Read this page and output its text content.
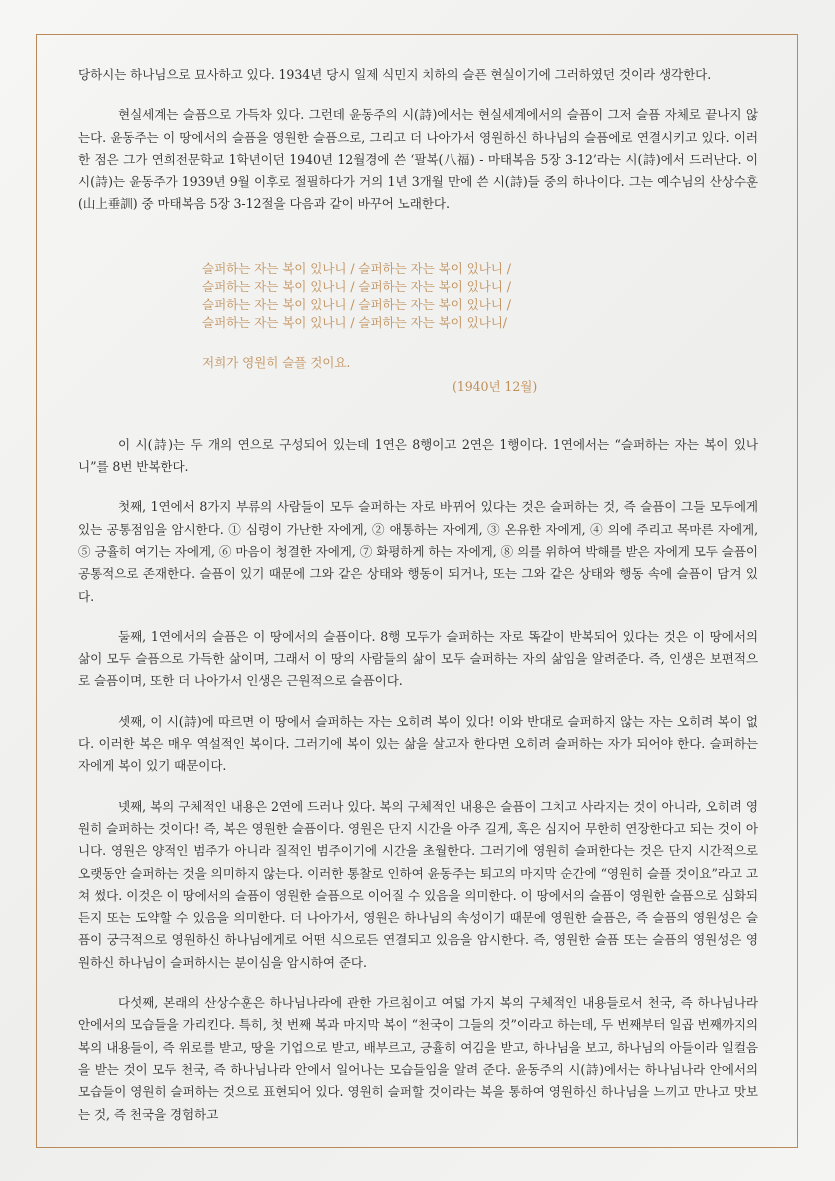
당하시는 하나님으로 묘사하고 있다. 1934년 당시 일제 식민지 치하의 슬픈 현실이기에 그러하였던 것이라 생각한다.

현실세계는 슬픔으로 가득차 있다. 그런데 윤동주의 시(詩)에서는 현실세계에서의 슬픔이 그저 슬픔 자체로 끝나지 않는다. 윤동주는 이 땅에서의 슬픔을 영원한 슬픔으로, 그리고 더 나아가서 영원하신 하나님의 슬픔에로 연결시키고 있다. 이러한 점은 그가 연희전문학교 1학년이던 1940년 12월경에 쓴 ‘팔복(八福) - 마태복음 5장 3-12’라는 시(詩)에서 드러난다. 이 시(詩)는 윤동주가 1939년 9월 이후로 절필하다가 거의 1년 3개월 만에 쓴 시(詩)들 중의 하나이다. 그는 예수님의 산상수훈(山上垂訓) 중 마태복음 5장 3-12절을 다음과 같이 바꾸어 노래한다.

슬퍼하는 자는 복이 있나니 / 슬퍼하는 자는 복이 있나니 /
슬퍼하는 자는 복이 있나니 / 슬퍼하는 자는 복이 있나니 /
슬퍼하는 자는 복이 있나니 / 슬퍼하는 자는 복이 있나니 /
슬퍼하는 자는 복이 있나니 / 슬퍼하는 자는 복이 있나니/
저희가 영원히 슬플 것이요.
(1940년 12월)

이 시(詩)는 두 개의 연으로 구성되어 있는데 1연은 8행이고 2연은 1행이다. 1연에서는 “슬퍼하는 자는 복이 있나니”를 8번 반복한다.

첫째, 1연에서 8가지 부류의 사람들이 모두 슬퍼하는 자로 바뀌어 있다는 것은 슬퍼하는 것, 즉 슬픔이 그들 모두에게 있는 공통점임을 암시한다. ① 심령이 가난한 자에게, ② 애통하는 자에게, ③ 온유한 자에게, ④ 의에 주리고 목마른 자에게, ⑤ 긍휼히 여기는 자에게, ⑥ 마음이 청결한 자에게, ⑦ 화평하게 하는 자에게, ⑧ 의를 위하여 박해를 받은 자에게 모두 슬픔이 공통적으로 존재한다. 슬픔이 있기 때문에 그와 같은 상태와 행동이 되거나, 또는 그와 같은 상태와 행동 속에 슬픔이 담겨 있다.

둘째, 1연에서의 슬픔은 이 땅에서의 슬픔이다. 8행 모두가 슬퍼하는 자로 똑같이 반복되어 있다는 것은 이 땅에서의 삶이 모두 슬픔으로 가득한 삶이며, 그래서 이 땅의 사람들의 삶이 모두 슬퍼하는 자의 삶임을 알려준다. 즉, 인생은 보편적으로 슬픔이며, 또한 더 나아가서 인생은 근원적으로 슬픔이다.

셋째, 이 시(詩)에 따르면 이 땅에서 슬퍼하는 자는 오히려 복이 있다! 이와 반대로 슬퍼하지 않는 자는 오히려 복이 없다. 이러한 복은 매우 역설적인 복이다. 그러기에 복이 있는 삶을 살고자 한다면 오히려 슬퍼하는 자가 되어야 한다. 슬퍼하는 자에게 복이 있기 때문이다.

넷째, 복의 구체적인 내용은 2연에 드러나 있다. 복의 구체적인 내용은 슬픔이 그치고 사라지는 것이 아니라, 오히려 영원히 슬퍼하는 것이다! 즉, 복은 영원한 슬픔이다. 영원은 단지 시간을 아주 길게, 혹은 심지어 무한히 연장한다고 되는 것이 아니다. 영원은 양적인 범주가 아니라 질적인 범주이기에 시간을 초월한다. 그러기에 영원히 슬퍼한다는 것은 단지 시간적으로 오랫동안 슬퍼하는 것을 의미하지 않는다. 이러한 통찰로 인하여 윤동주는 퇴고의 마지막 순간에 “영원히 슬플 것이요”라고 고쳐 썼다. 이것은 이 땅에서의 슬픔이 영원한 슬픔으로 이어질 수 있음을 의미한다. 이 땅에서의 슬픔이 영원한 슬픔으로 심화되든지 또는 도약할 수 있음을 의미한다. 더 나아가서, 영원은 하나님의 속성이기 때문에 영원한 슬픔은, 즉 슬픔의 영원성은 슬픔이 궁극적으로 영원하신 하나님에게로 어떤 식으로든 연결되고 있음을 암시한다. 즉, 영원한 슬픔 또는 슬픔의 영원성은 영원하신 하나님이 슬퍼하시는 분이심을 암시하여 준다.

다섯째, 본래의 산상수훈은 하나님나라에 관한 가르침이고 여덟 가지 복의 구체적인 내용들로서 천국, 즉 하나님나라 안에서의 모습들을 가리킨다. 특히, 첫 번째 복과 마지막 복이 “천국이 그들의 것”이라고 하는데, 두 번째부터 일곱 번째까지의 복의 내용들이, 즉 위로를 받고, 땅을 기업으로 받고, 배부르고, 긍휼히 여김을 받고, 하나님을 보고, 하나님의 아들이라 일컬음을 받는 것이 모두 천국, 즉 하나님나라 안에서 일어나는 모습들임을 알려 준다. 윤동주의 시(詩)에서는 하나님나라 안에서의 모습들이 영원히 슬퍼하는 것으로 표현되어 있다. 영원히 슬퍼할 것이라는 복을 통하여 영원하신 하나님을 느끼고 만나고 맛보는 것, 즉 천국을 경험하고
